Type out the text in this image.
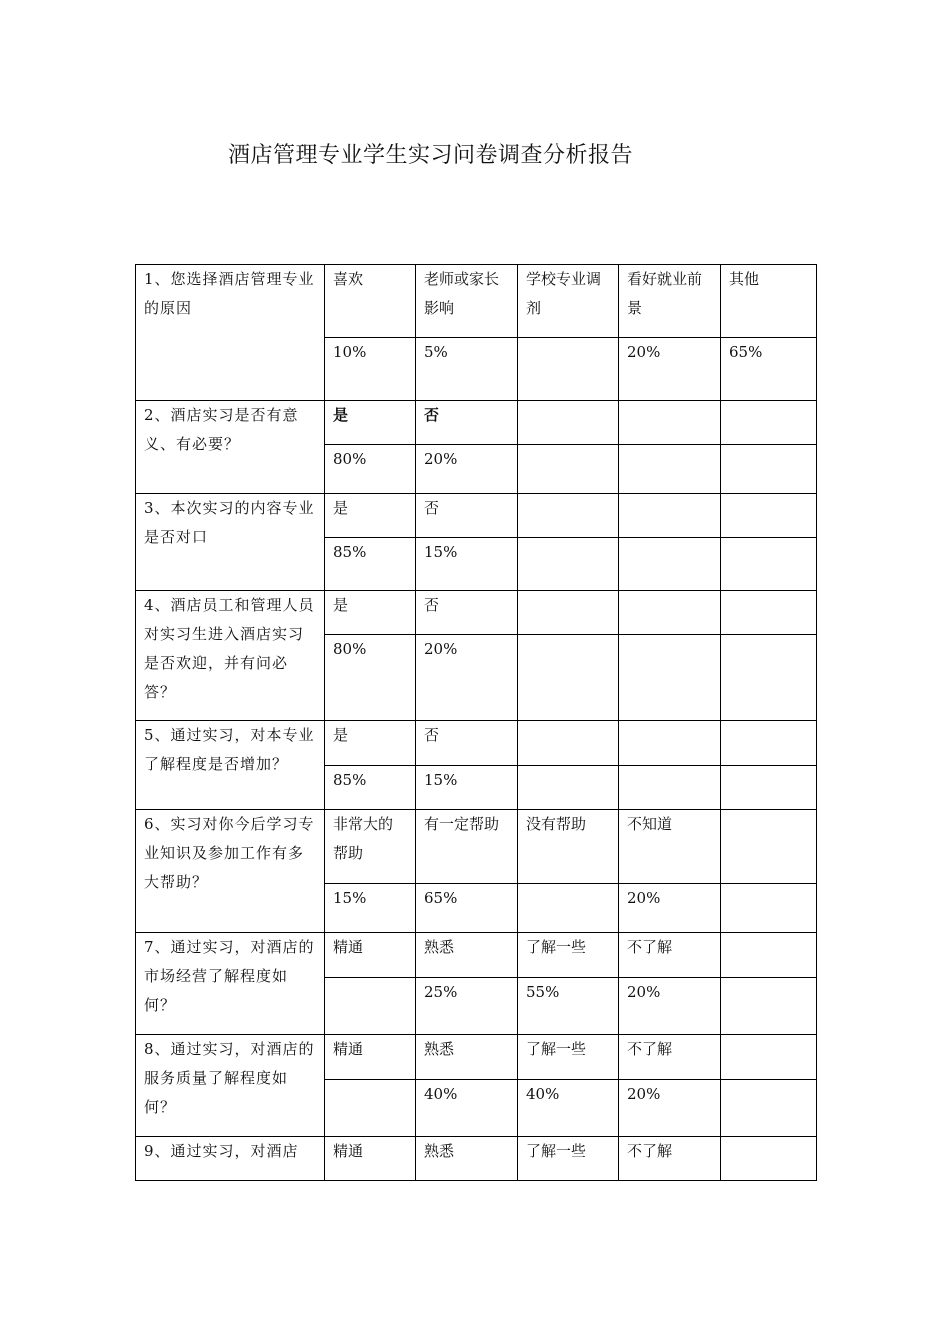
酒店管理专业学生实习问卷调查分析报告
1、您选择酒店管理专业的原因	喜欢	老师或家长影响	学校专业调剂	看好就业前景	其他
	10%	5%		20%	65%
2、酒店实习是否有意义、有必要？	是	否			
	80%	20%			
3、本次实习的内容专业是否对口	是	否			
	85%	15%			
4、酒店员工和管理人员对实习生进入酒店实习是否欢迎，并有问必答？	是	否			
	80%	20%			
5、通过实习，对本专业了解程度是否增加？	是	否			
	85%	15%			
6、实习对你今后学习专业知识及参加工作有多大帮助？	非常大的帮助	有一定帮助	没有帮助	不知道	
	15%	65%		20%	
7、通过实习，对酒店的市场经营了解程度如何？	精通	熟悉	了解一些	不了解	
		25%	55%	20%	
8、通过实习，对酒店的服务质量了解程度如何？	精通	熟悉	了解一些	不了解	
		40%	40%	20%	
9、通过实习，对酒店	精通	熟悉	了解一些	不了解	
